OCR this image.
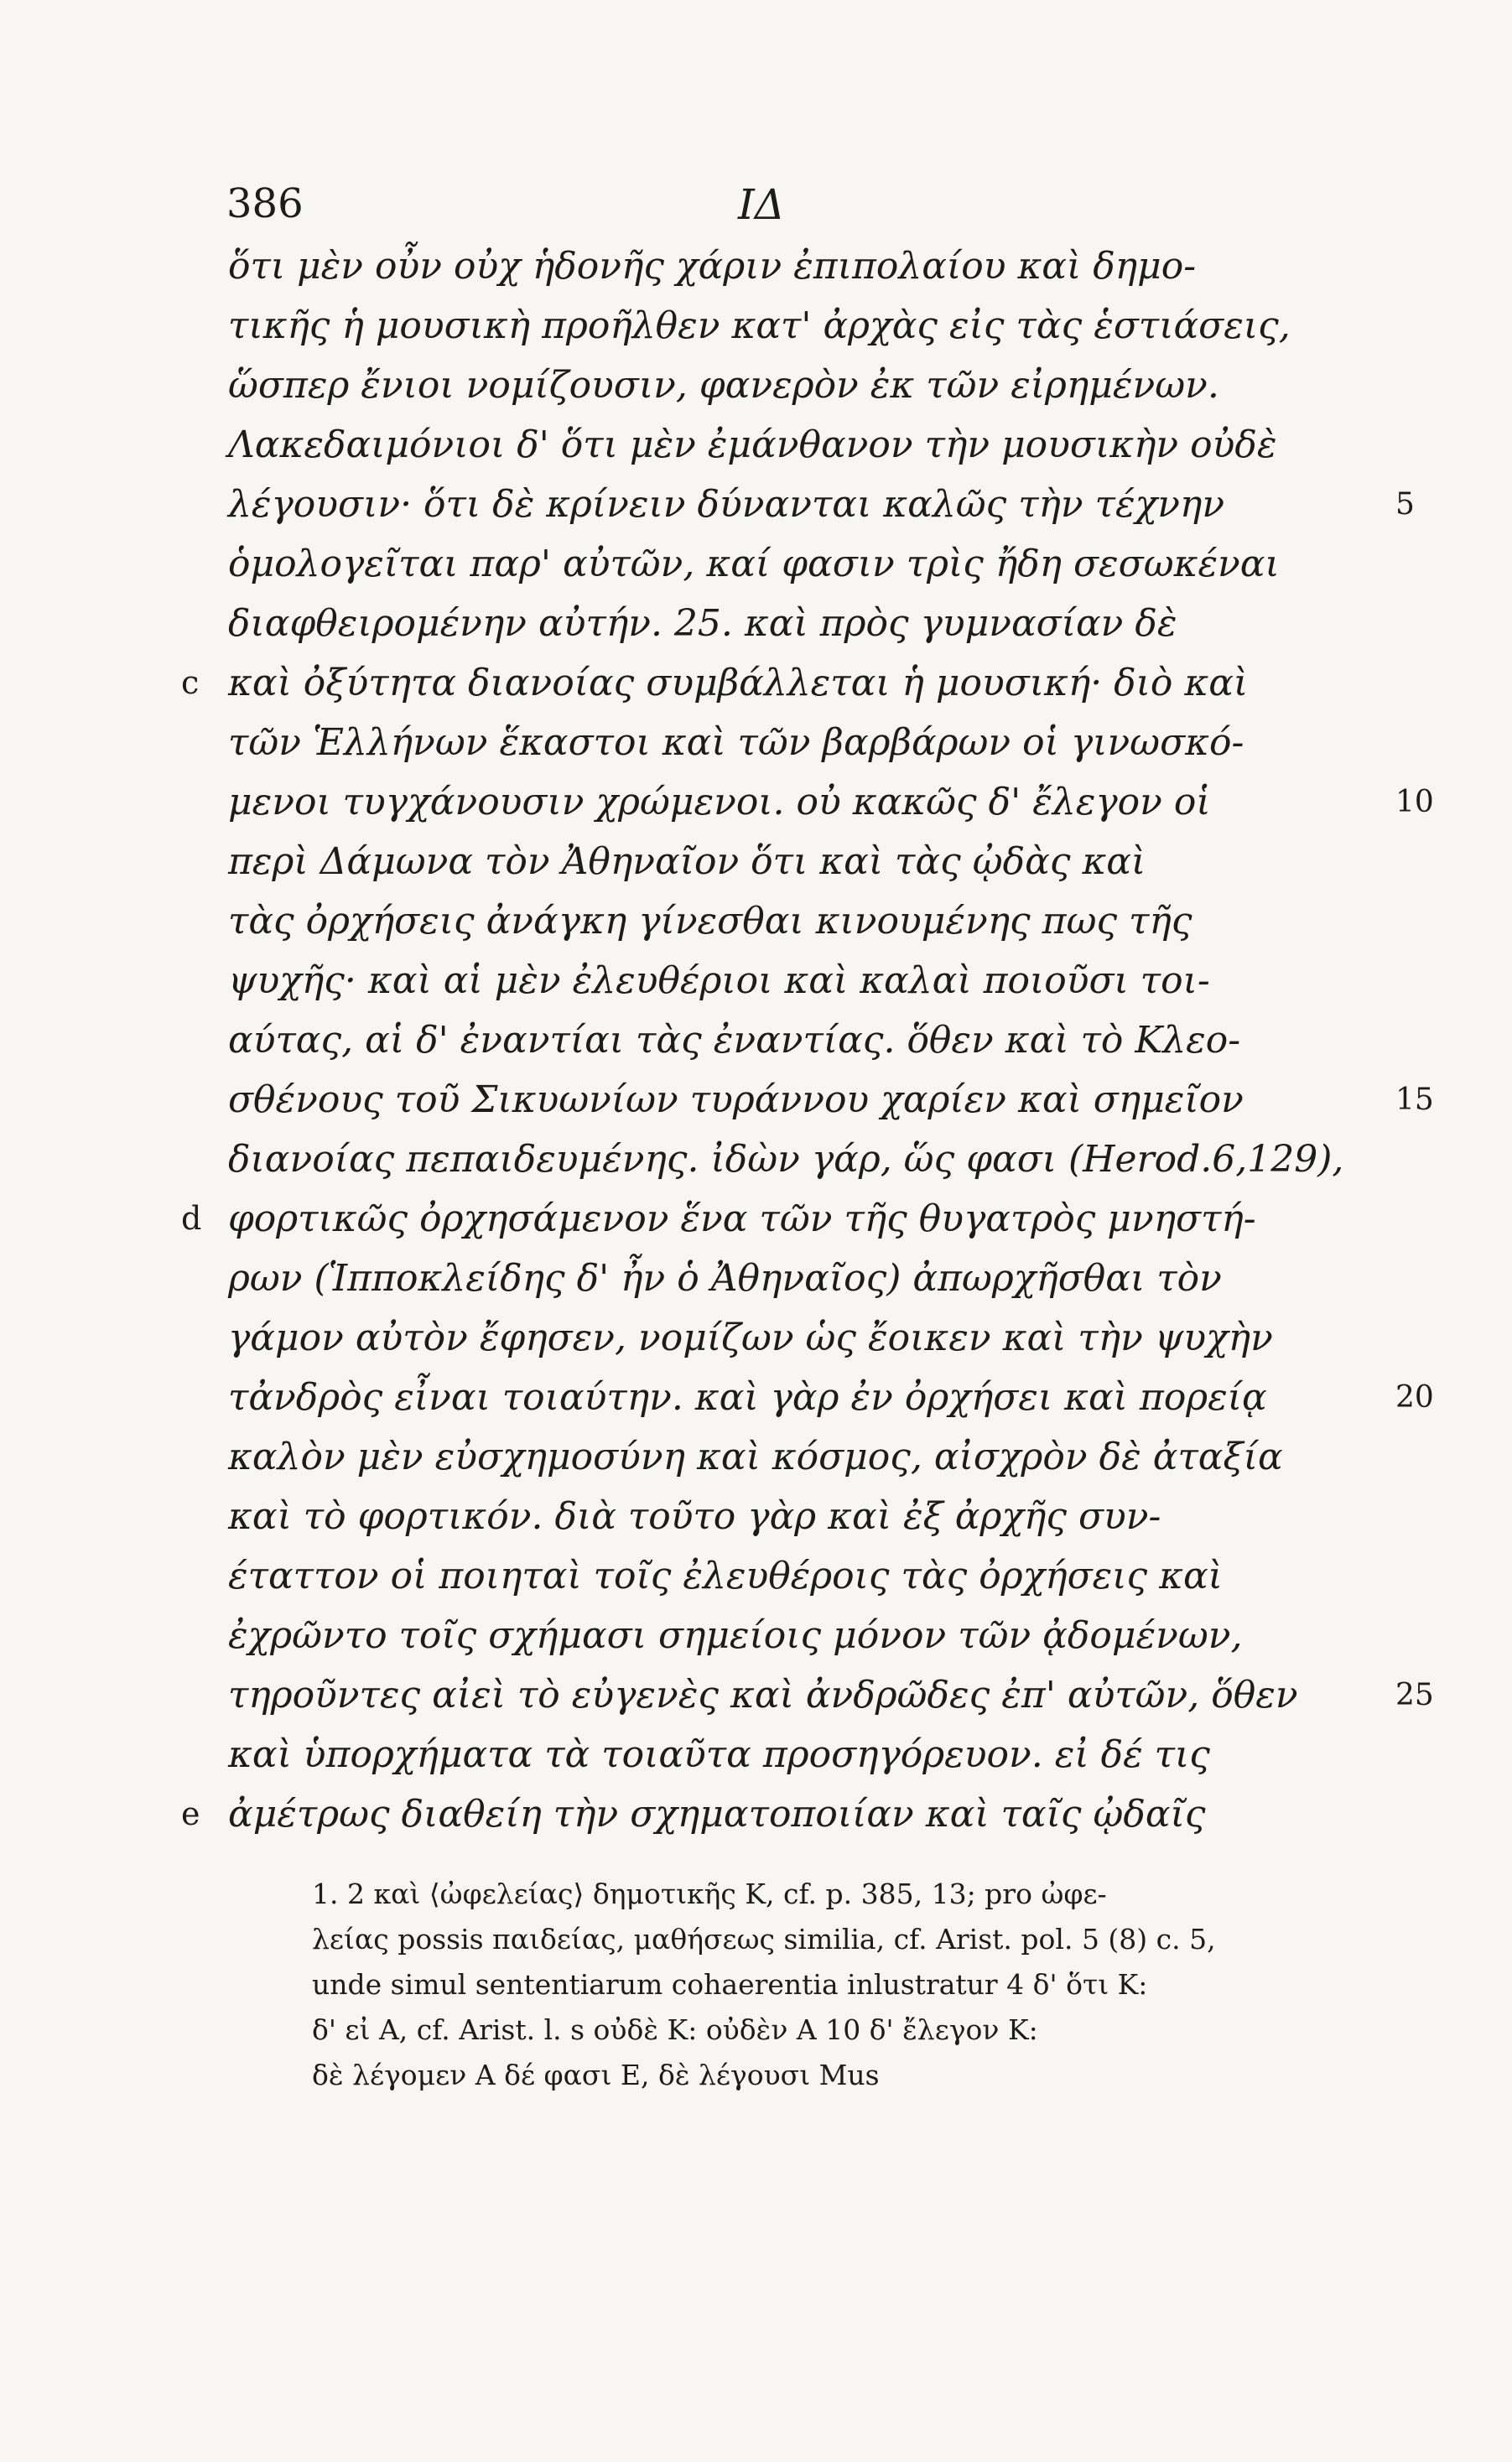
386	IΔ
ὅτι μὲν οὖν οὐχ ἡδονῆς χάριν ἐπιπολαίου καὶ δημο-
τικῆς ἡ μουσικὴ προῆλθεν κατ' ἀρχὰς εἰς τὰς ἑστιάσεις,
ὥσπερ ἔνιοι νομίζουσιν, φανερὸν ἐκ τῶν εἰρημένων.
Λακεδαιμόνιοι δ' ὅτι μὲν ἐμάνθανον τὴν μουσικὴν οὐδὲ
λέγουσιν· ὅτι δὲ κρίνειν δύνανται καλῶς τὴν τέχνην	5
ὁμολογεῖται παρ' αὐτῶν, καί φασιν τρὶς ἤδη σεσωκέναι
διαφθειρομένην αὐτήν. 25. καὶ πρὸς γυμνασίαν δὲ
c καὶ ὀξύτητα διανοίας συμβάλλεται ἡ μουσική· διὸ καὶ
τῶν Ἑλλήνων ἕκαστοι καὶ τῶν βαρβάρων οἱ γινωσκό-
μενοι τυγχάνουσιν χρώμενοι. οὐ κακῶς δ' ἔλεγον οἱ	10
περὶ Δάμωνα τὸν Ἀθηναῖον ὅτι καὶ τὰς ᾠδὰς καὶ
τὰς ὀρχήσεις ἀνάγκη γίνεσθαι κινουμένης πως τῆς
ψυχῆς· καὶ αἱ μὲν ἐλευθέριοι καὶ καλαὶ ποιοῦσι τοι-
αύτας, αἱ δ' ἐναντίαι τὰς ἐναντίας. ὅθεν καὶ τὸ Κλεο-
σθένους τοῦ Σικυωνίων τυράννου χαρίεν καὶ σημεῖον	15
διανοίας πεπαιδευμένης. ἰδὼν γάρ, ὥς φασι (Herod.6,129),
d φορτικῶς ὀρχησάμενον ἕνα τῶν τῆς θυγατρὸς μνηστή-
ρων (Ἱπποκλείδης δ' ἦν ὁ Ἀθηναῖος) ἀπωρχῆσθαι τὸν
γάμον αὐτὸν ἔφησεν, νομίζων ὡς ἔοικεν καὶ τὴν ψυχὴν
τἀνδρὸς εἶναι τοιαύτην. καὶ γὰρ ἐν ὀρχήσει καὶ πορείᾳ	20
καλὸν μὲν εὐσχημοσύνη καὶ κόσμος, αἰσχρὸν δὲ ἀταξία
καὶ τὸ φορτικόν. διὰ τοῦτο γὰρ καὶ ἐξ ἀρχῆς συν-
έταττον οἱ ποιηταὶ τοῖς ἐλευθέροις τὰς ὀρχήσεις καὶ
ἐχρῶντο τοῖς σχήμασι σημείοις μόνον τῶν ᾀδομένων,
τηροῦντες αἰεὶ τὸ εὐγενὲς καὶ ἀνδρῶδες ἐπ' αὐτῶν, ὅθεν	25
καὶ ὑπορχήματα τὰ τοιαῦτα προσηγόρευον. εἰ δέ τις
e ἀμέτρως διαθείη τὴν σχηματοποιίαν καὶ ταῖς ᾠδαῖς
1. 2 καὶ ⟨ὠφελείας⟩ δημοτικῆς K, cf. p. 385, 13; pro ὠφε-
λείας possis παιδείας, μαθήσεως similia, cf. Arist. pol. 5 (8) c. 5,
unde simul sententiarum cohaerentia inlustratur 4 δ' ὅτι K:
δ' εἰ A, cf. Arist. l. s οὐδὲ K: οὐδὲν A 10 δ' ἔλεγον K:
δὲ λέγομεν A δέ φασι E, δὲ λέγουσι Mus
